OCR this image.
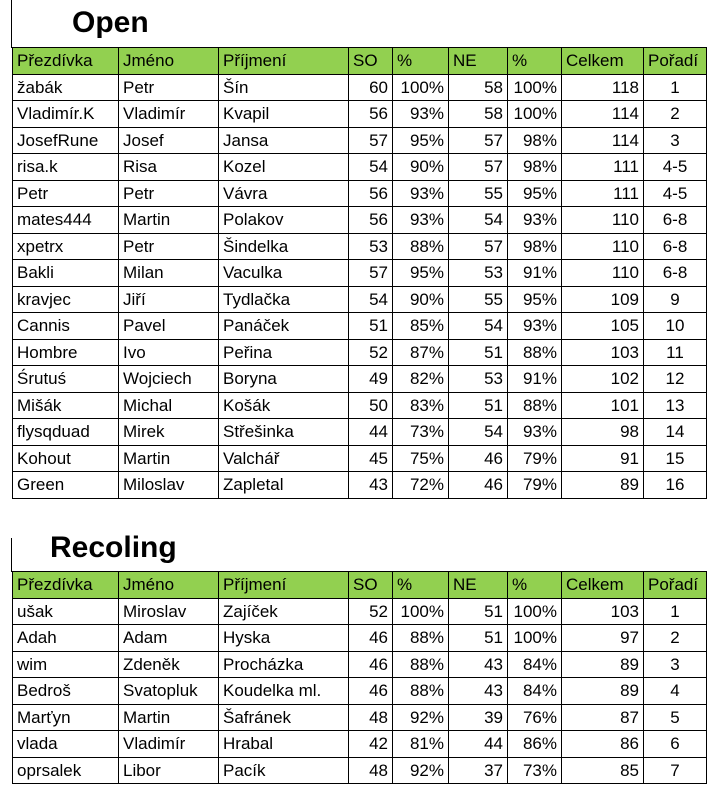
Open
Přezdívka	Jméno	Příjmení	SO	%	NE	%	Celkem	Pořadí
žabák	Petr	Šín	60	100%	58	100%	118	1
Vladimír.K	Vladimír	Kvapil	56	93%	58	100%	114	2
JosefRune	Josef	Jansa	57	95%	57	98%	114	3
risa.k	Risa	Kozel	54	90%	57	98%	111	4-5
Petr	Petr	Vávra	56	93%	55	95%	111	4-5
mates444	Martin	Polakov	56	93%	54	93%	110	6-8
xpetrx	Petr	Šindelka	53	88%	57	98%	110	6-8
Bakli	Milan	Vaculka	57	95%	53	91%	110	6-8
kravjec	Jiří	Tydlačka	54	90%	55	95%	109	9
Cannis	Pavel	Panáček	51	85%	54	93%	105	10
Hombre	Ivo	Peřina	52	87%	51	88%	103	11
Śrutuś	Wojciech	Boryna	49	82%	53	91%	102	12
Mišák	Michal	Košák	50	83%	51	88%	101	13
flysqduad	Mirek	Střešinka	44	73%	54	93%	98	14
Kohout	Martin	Valchář	45	75%	46	79%	91	15
Green	Miloslav	Zapletal	43	72%	46	79%	89	16
Recoling
Přezdívka	Jméno	Příjmení	SO	%	NE	%	Celkem	Pořadí
ušak	Miroslav	Zajíček	52	100%	51	100%	103	1
Adah	Adam	Hyska	46	88%	51	100%	97	2
wim	Zdeněk	Procházka	46	88%	43	84%	89	3
Bedroš	Svatopluk	Koudelka ml.	46	88%	43	84%	89	4
Marťyn	Martin	Šafránek	48	92%	39	76%	87	5
vlada	Vladimír	Hrabal	42	81%	44	86%	86	6
oprsalek	Libor	Pacík	48	92%	37	73%	85	7
